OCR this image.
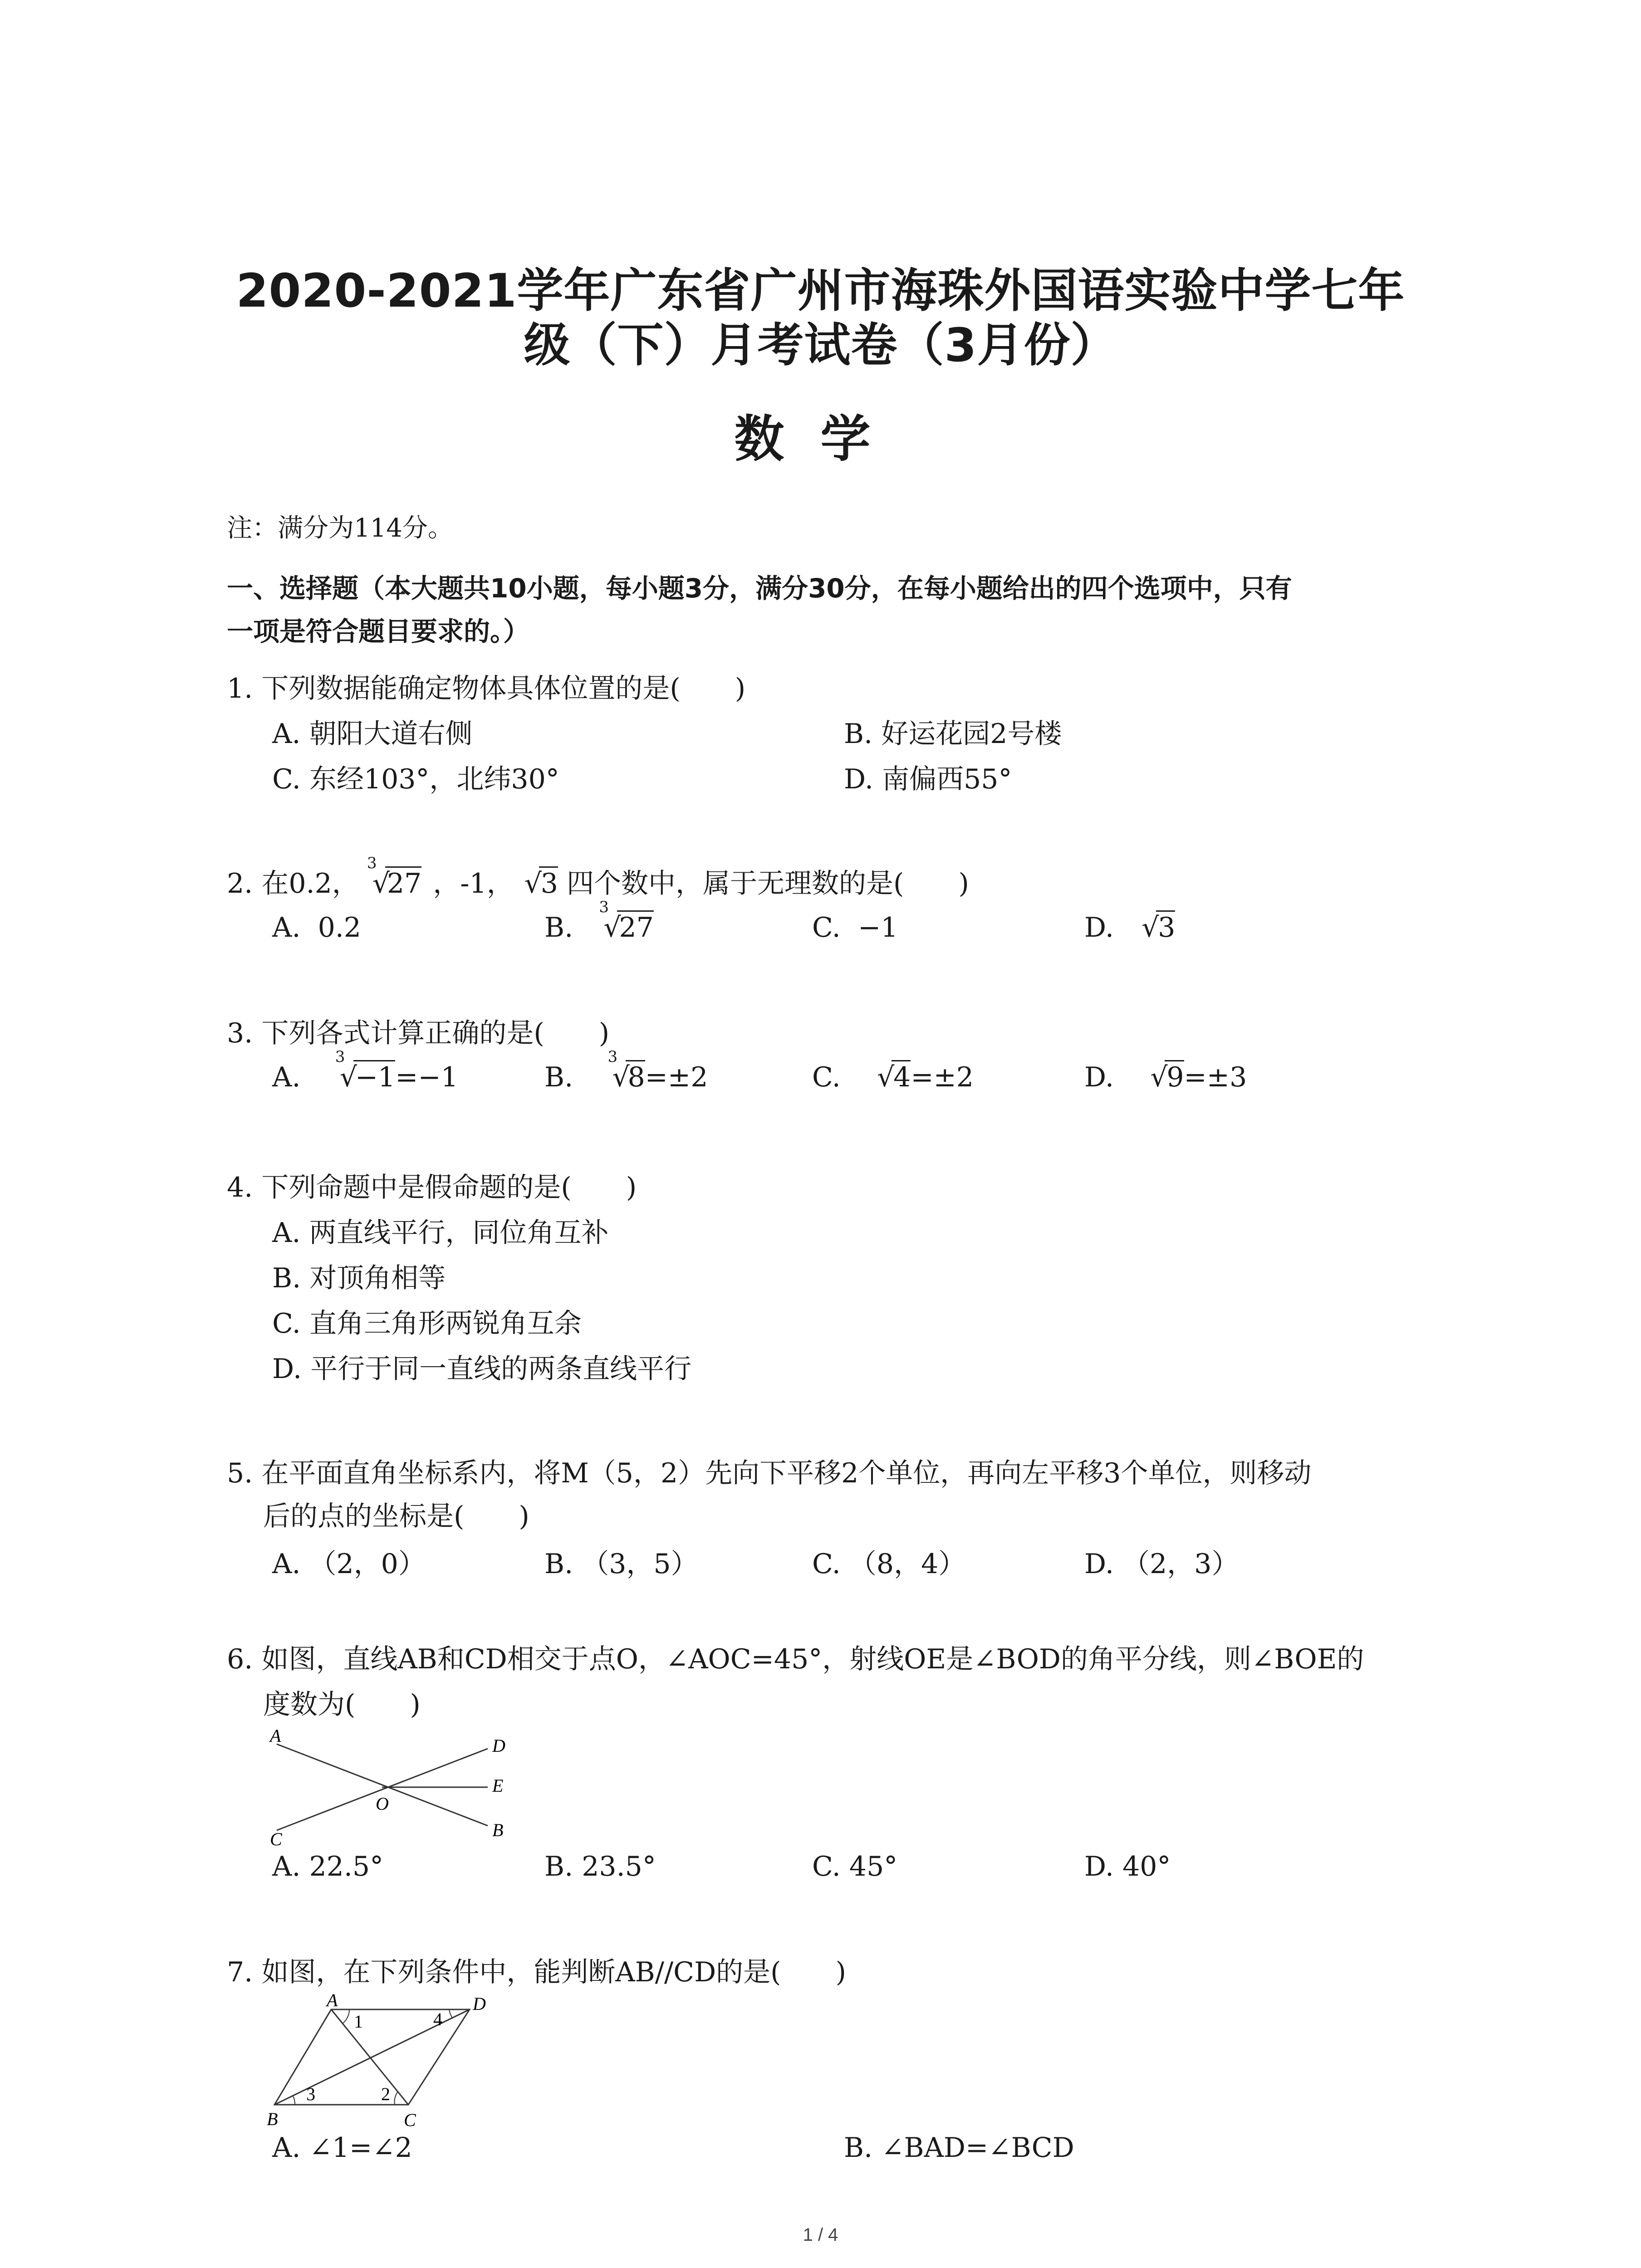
2020-2021学年广东省广州市海珠外国语实验中学七年
级（下）月考试卷（3月份）
数学
注：满分为114分。
一、选择题（本大题共10小题，每小题3分，满分30分，在每小题给出的四个选项中，只有
一项是符合题目要求的。）
1. 下列数据能确定物体具体位置的是(　　)
A. 朝阳大道右侧	B. 好运花园2号楼
C. 东经103°，北纬30°	D. 南偏西55°
2. 在0.2，
3
√
27 ，-1， √
3 四个数中，属于无理数的是(　　)
A. 0.2	B.
3
√
27	C. −1	D. √
3
3. 下列各式计算正确的是(　　)
A.
3
√
−1=−1	B.
3
√
8=±2	C. √
4=±2	D. √
9=±3
4. 下列命题中是假命题的是(　　)
A. 两直线平行，同位角互补
B. 对顶角相等
C. 直角三角形两锐角互余
D. 平行于同一直线的两条直线平行
5. 在平面直角坐标系内，将M（5，2）先向下平移2个单位，再向左平移3个单位，则移动
后的点的坐标是(　　)
A. （2，0）	B. （3，5）	C. （8，4）	D. （2，3）
6. 如图，直线AB和CD相交于点O，∠AOC=45°，射线OE是∠BOD的角平分线，则∠BOE的
度数为(　　)
A	D
E
O
C	B
A. 22.5°	B. 23.5°	C. 45°	D. 40°
7. 如图，在下列条件中，能判断AB//CD的是(　　)
A	D
B	C
1
2
3
4
A. ∠1=∠2	B. ∠BAD=∠BCD
1 / 4
